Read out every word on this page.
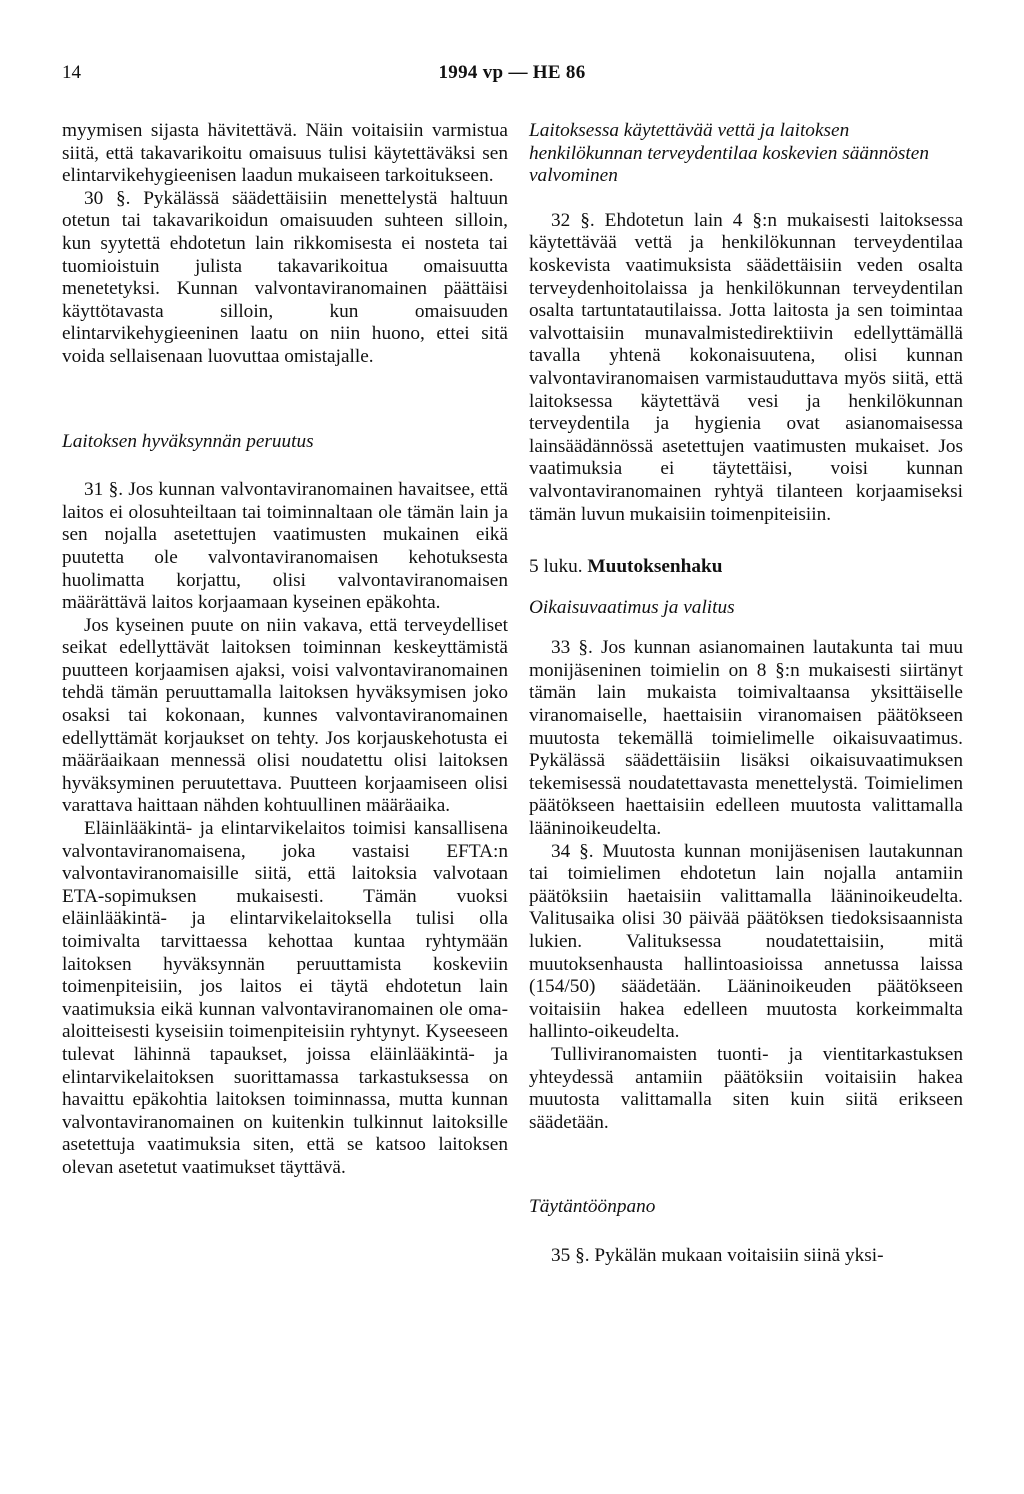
14	1994 vp — HE 86

myymisen sijasta hävitettävä. Näin voitaisiin varmistua siitä, että takavarikoitu omaisuus tulisi käytettäväksi sen elintarvikehygieenisen laadun mukaiseen tarkoitukseen.

30 §. Pykälässä säädettäisiin menettelystä haltuun otetun tai takavarikoidun omaisuuden suhteen silloin, kun syytettä ehdotetun lain rikkomisesta ei nosteta tai tuomioistuin julista takavarikoitua omaisuutta menetetyksi. Kunnan valvontaviranomainen päättäisi käyttötavasta silloin, kun omaisuuden elintarvikehygieeninen laatu on niin huono, ettei sitä voida sellaisenaan luovuttaa omistajalle.

Laitoksen hyväksynnän peruutus

31 §. Jos kunnan valvontaviranomainen havaitsee, että laitos ei olosuhteiltaan tai toiminnaltaan ole tämän lain ja sen nojalla asetettujen vaatimusten mukainen eikä puutetta ole valvontaviranomaisen kehotuksesta huolimatta korjattu, olisi valvontaviranomaisen määrättävä laitos korjaamaan kyseinen epäkohta.

Jos kyseinen puute on niin vakava, että terveydelliset seikat edellyttävät laitoksen toiminnan keskeyttämistä puutteen korjaamisen ajaksi, voisi valvontaviranomainen tehdä tämän peruuttamalla laitoksen hyväksymisen joko osaksi tai kokonaan, kunnes valvontaviranomainen edellyttämät korjaukset on tehty. Jos korjauskehotusta ei määräaikaan mennessä olisi noudatettu olisi laitoksen hyväksyminen peruutettava. Puutteen korjaamiseen olisi varattava haittaan nähden kohtuullinen määräaika.

Eläinlääkintä- ja elintarvikelaitos toimisi kansallisena valvontaviranomaisena, joka vastaisi EFTA:n valvontaviranomaisille siitä, että laitoksia valvotaan ETA-sopimuksen mukaisesti. Tämän vuoksi eläinlääkintä- ja elintarvikelaitoksella tulisi olla toimivalta tarvittaessa kehottaa kuntaa ryhtymään laitoksen hyväksynnän peruuttamista koskeviin toimenpiteisiin, jos laitos ei täytä ehdotetun lain vaatimuksia eikä kunnan valvontaviranomainen ole oma-aloitteisesti kyseisiin toimenpiteisiin ryhtynyt. Kyseeseen tulevat lähinnä tapaukset, joissa eläinlääkintä- ja elintarvikelaitoksen suorittamassa tarkastuksessa on havaittu epäkohtia laitoksen toiminnassa, mutta kunnan valvontaviranomainen on kuitenkin tulkinnut laitoksille asetettuja vaatimuksia siten, että se katsoo laitoksen olevan asetetut vaatimukset täyttävä.

Laitoksessa käytettävää vettä ja laitoksen henkilökunnan terveydentilaa koskevien säännösten valvominen

32 §. Ehdotetun lain 4 §:n mukaisesti laitoksessa käytettävää vettä ja henkilökunnan terveydentilaa koskevista vaatimuksista säädettäisiin veden osalta terveydenhoitolaissa ja henkilökunnan terveydentilan osalta tartuntatautilaissa. Jotta laitosta ja sen toimintaa valvottaisiin munavalmistedirektiivin edellyttämällä tavalla yhtenä kokonaisuutena, olisi kunnan valvontaviranomaisen varmistauduttava myös siitä, että laitoksessa käytettävä vesi ja henkilökunnan terveydentila ja hygienia ovat asianomaisessa lainsäädännössä asetettujen vaatimusten mukaiset. Jos vaatimuksia ei täytettäisi, voisi kunnan valvontaviranomainen ryhtyä tilanteen korjaamiseksi tämän luvun mukaisiin toimenpiteisiin.

5 luku. Muutoksenhaku
Oikaisuvaatimus ja valitus

33 §. Jos kunnan asianomainen lautakunta tai muu monijäseninen toimielin on 8 §:n mukaisesti siirtänyt tämän lain mukaista toimivaltaansa yksittäiselle viranomaiselle, haettaisiin viranomaisen päätökseen muutosta tekemällä toimielimelle oikaisuvaatimus. Pykälässä säädettäisiin lisäksi oikaisuvaatimuksen tekemisessä noudatettavasta menettelystä. Toimielimen päätökseen haettaisiin edelleen muutosta valittamalla lääninoikeudelta.

34 §. Muutosta kunnan monijäsenisen lautakunnan tai toimielimen ehdotetun lain nojalla antamiin päätöksiin haetaisiin valittamalla lääninoikeudelta. Valitusaika olisi 30 päivää päätöksen tiedoksisaannista lukien. Valituksessa noudatettaisiin, mitä muutoksenhausta hallintoasioissa annetussa laissa (154/50) säädetään. Lääninoikeuden päätökseen voitaisiin hakea edelleen muutosta korkeimmalta hallinto-oikeudelta.

Tulliviranomaisten tuonti- ja vientitarkastuksen yhteydessä antamiin päätöksiin voitaisiin hakea muutosta valittamalla siten kuin siitä erikseen säädetään.

Täytäntöönpano

35 §. Pykälän mukaan voitaisiin siinä yksi-
